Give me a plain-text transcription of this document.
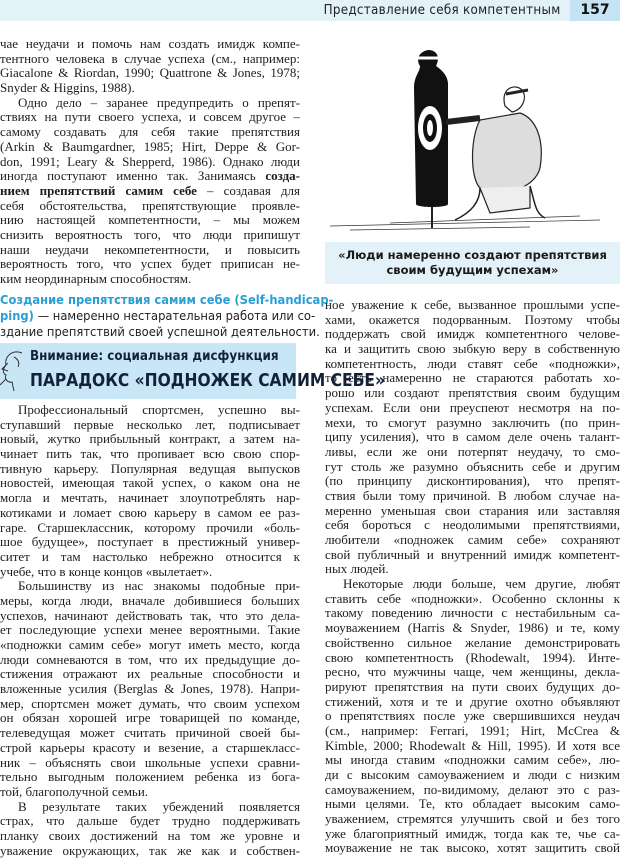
Представление себя компетентным	157
чае неудачи и помочь нам создать имидж компе-
тентного человека в случае успеха (см., например:
Giacalone & Riordan, 1990; Quattrone & Jones, 1978;
Snyder & Higgins, 1988).
Одно дело – заранее предупредить о препят-
ствиях на пути своего успеха, и совсем другое –
самому создавать для себя такие препятствия
(Arkin & Baumgardner, 1985; Hirt, Deppe & Gor-
don, 1991; Leary & Shepperd, 1986). Однако люди
иногда поступают именно так. Занимаясь созда-
нием препятствий самим себе – создавая для
себя обстоятельства, препятствующие проявле-
нию настоящей компетентности, – мы можем
снизить вероятность того, что люди припишут
наши неудачи некомпетентности, и повысить
вероятность того, что успех будет приписан не-
ким неординарным способностям.
Создание препятствия самим себе (Self-handicap-
ping) — намеренно нестарательная работа или со-
здание препятствий своей успешной деятельности.
Внимание: социальная дисфункция
ПАРАДОКС «ПОДНОЖЕК САМИМ СЕБЕ»
Профессиональный спортсмен, успешно вы-
ступавший первые несколько лет, подписывает
новый, жутко прибыльный контракт, а затем на-
чинает пить так, что пропивает всю свою спор-
тивную карьеру. Популярная ведущая выпусков
новостей, имеющая такой успех, о каком она не
могла и мечтать, начинает злоупотреблять нар-
котиками и ломает свою карьеру в самом ее раз-
гаре. Старшеклассник, которому прочили «боль-
шое будущее», поступает в престижный универ-
ситет и там настолько небрежно относится к
учебе, что в конце концов «вылетает».
Большинству из нас знакомы подобные при-
меры, когда люди, вначале добившиеся больших
успехов, начинают действовать так, что это дела-
ет последующие успехи менее вероятными. Такие
«подножки самим себе» могут иметь место, когда
люди сомневаются в том, что их предыдущие до-
стижения отражают их реальные способности и
вложенные усилия (Berglas & Jones, 1978). Напри-
мер, спортсмен может думать, что своим успехом
он обязан хорошей игре товарищей по команде,
телеведущая может считать причиной своей бы-
строй карьеры красоту и везение, а старшекласс-
ник – объяснять свои школьные успехи сравни-
тельно выгодным положением ребенка из бога-
той, благополучной семьи.
В результате таких убеждений появляется
страх, что дальше будет трудно поддерживать
планку своих достижений на том же уровне и
уважение окружающих, так же как и собствен-
«Люди намеренно создают препятствия
своим будущим успехам»
ное уважение к себе, вызванное прошлыми успе-
хами, окажется подорванным. Поэтому чтобы
поддержать свой имидж компетентного челове-
ка и защитить свою зыбкую веру в собственную
компетентность, люди ставят себе «подножки»,
то есть намеренно не стараются работать хо-
рошо или создают препятствия своим будущим
успехам. Если они преуспеют несмотря на по-
мехи, то смогут разумно заключить (по прин-
ципу усиления), что в самом деле очень талант-
ливы, если же они потерпят неудачу, то смо-
гут столь же разумно объяснить себе и другим
(по принципу дисконтирования), что препят-
ствия были тому причиной. В любом случае на-
меренно уменьшая свои старания или заставляя
себя бороться с неодолимыми препятствиями,
любители «подножек самим себе» сохраняют
свой публичный и внутренний имидж компетент-
ных людей.
Некоторые люди больше, чем другие, любят
ставить себе «подножки». Особенно склонны к
такому поведению личности с нестабильным са-
моуважением (Harris & Snyder, 1986) и те, кому
свойственно сильное желание демонстрировать
свою компетентность (Rhodewalt, 1994). Инте-
ресно, что мужчины чаще, чем женщины, декла-
рируют препятствия на пути своих будущих до-
стижений, хотя и те и другие охотно объявляют
о препятствиях после уже свершившихся неудач
(см., например: Ferrari, 1991; Hirt, McCrea &
Kimble, 2000; Rhodewalt & Hill, 1995). И хотя все
мы иногда ставим «подножки самим себе», лю-
ди с высоким самоуважением и люди с низким
самоуважением, по-видимому, делают это с раз-
ными целями. Те, кто обладает высоким само-
уважением, стремятся улучшить свой и без того
уже благоприятный имидж, тогда как те, чье са-
моуважение не так высоко, хотят защитить свой
